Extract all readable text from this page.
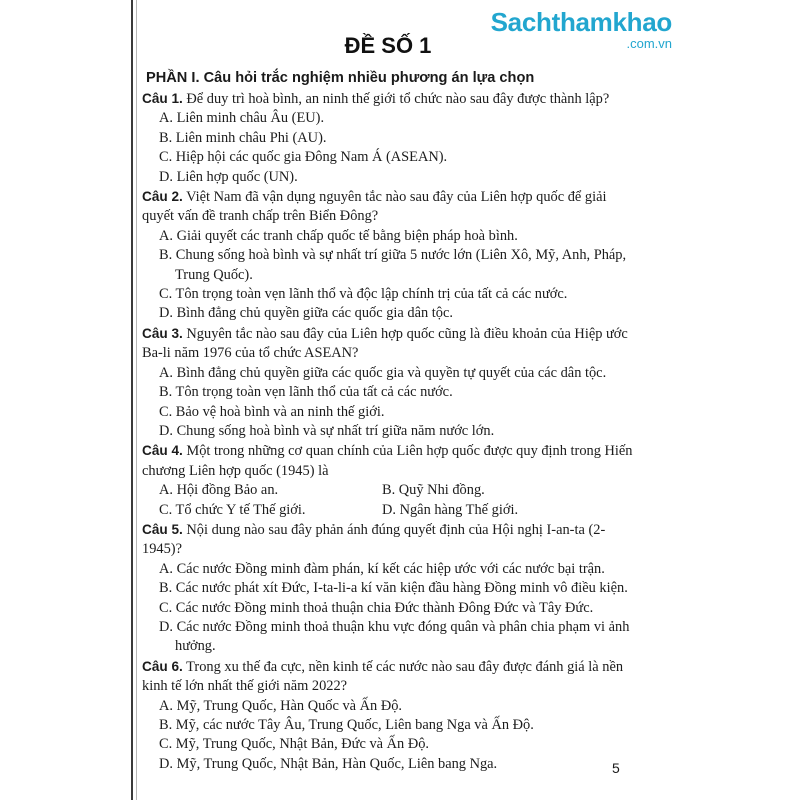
Sachthamkhao
.com.vn
ĐỀ SỐ 1
PHẦN I. Câu hỏi trắc nghiệm nhiều phương án lựa chọn
Câu 1. Để duy trì hoà bình, an ninh thế giới tổ chức nào sau đây được thành lập?
A. Liên minh châu Âu (EU).
B. Liên minh châu Phi (AU).
C. Hiệp hội các quốc gia Đông Nam Á (ASEAN).
D. Liên hợp quốc (UN).
Câu 2. Việt Nam đã vận dụng nguyên tắc nào sau đây của Liên hợp quốc để giải quyết vấn đề tranh chấp trên Biển Đông?
A. Giải quyết các tranh chấp quốc tế bằng biện pháp hoà bình.
B. Chung sống hoà bình và sự nhất trí giữa 5 nước lớn (Liên Xô, Mỹ, Anh, Pháp, Trung Quốc).
C. Tôn trọng toàn vẹn lãnh thổ và độc lập chính trị của tất cả các nước.
D. Bình đẳng chủ quyền giữa các quốc gia dân tộc.
Câu 3. Nguyên tắc nào sau đây của Liên hợp quốc cũng là điều khoản của Hiệp ước Ba-li năm 1976 của tổ chức ASEAN?
A. Bình đẳng chủ quyền giữa các quốc gia và quyền tự quyết của các dân tộc.
B. Tôn trọng toàn vẹn lãnh thổ của tất cả các nước.
C. Bảo vệ hoà bình và an ninh thế giới.
D. Chung sống hoà bình và sự nhất trí giữa năm nước lớn.
Câu 4. Một trong những cơ quan chính của Liên hợp quốc được quy định trong Hiến chương Liên hợp quốc (1945) là
A. Hội đồng Bảo an.	B. Quỹ Nhi đồng.
C. Tổ chức Y tế Thế giới.	D. Ngân hàng Thế giới.
Câu 5. Nội dung nào sau đây phản ánh đúng quyết định của Hội nghị I-an-ta (2-1945)?
A. Các nước Đồng minh đàm phán, kí kết các hiệp ước với các nước bại trận.
B. Các nước phát xít Đức, I-ta-li-a kí văn kiện đầu hàng Đồng minh vô điều kiện.
C. Các nước Đồng minh thoả thuận chia Đức thành Đông Đức và Tây Đức.
D. Các nước Đồng minh thoả thuận khu vực đóng quân và phân chia phạm vi ảnh hưởng.
Câu 6. Trong xu thế đa cực, nền kinh tế các nước nào sau đây được đánh giá là nền kinh tế lớn nhất thế giới năm 2022?
A. Mỹ, Trung Quốc, Hàn Quốc và Ấn Độ.
B. Mỹ, các nước Tây Âu, Trung Quốc, Liên bang Nga và Ấn Độ.
C. Mỹ, Trung Quốc, Nhật Bản, Đức và Ấn Độ.
D. Mỹ, Trung Quốc, Nhật Bản, Hàn Quốc, Liên bang Nga.	5
